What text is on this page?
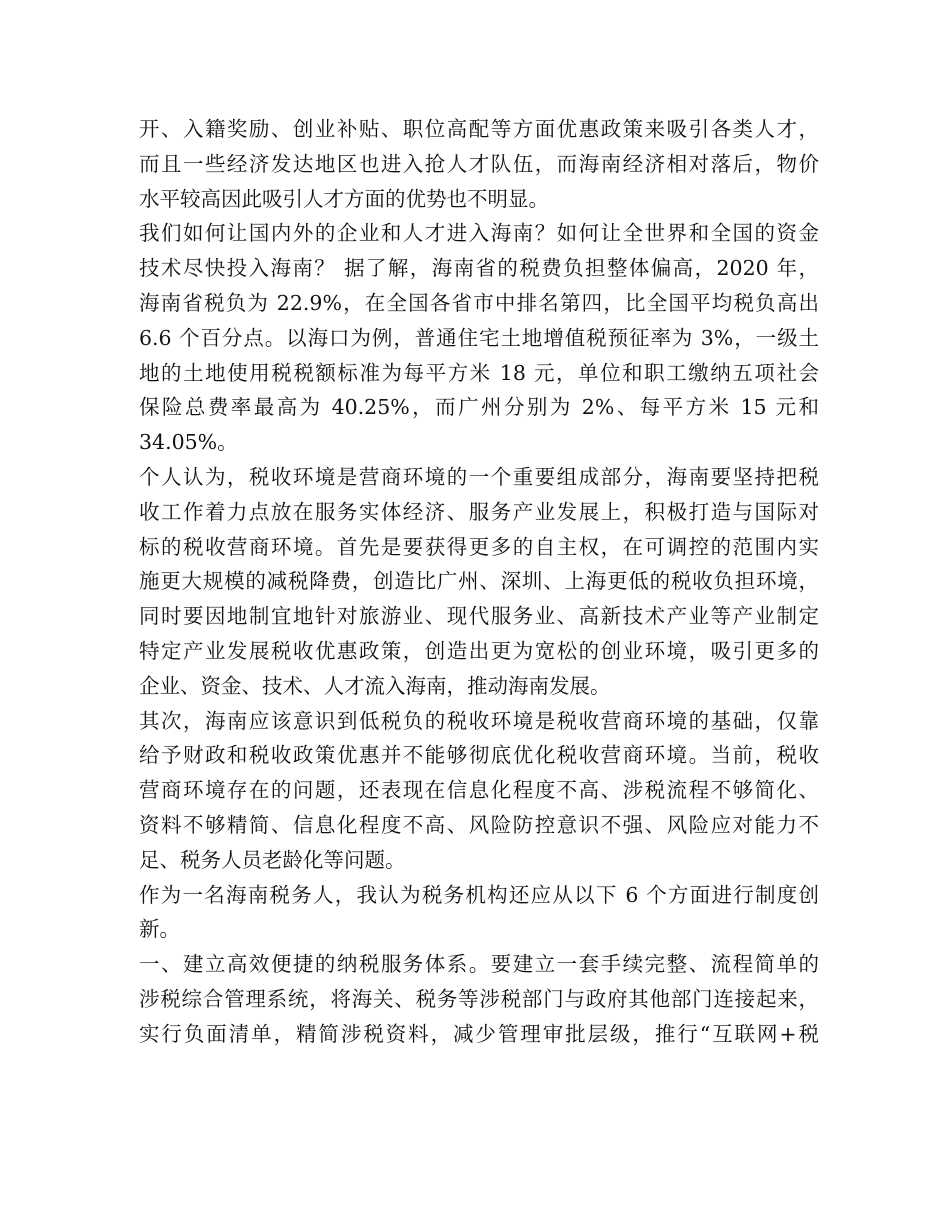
开、入籍奖励、创业补贴、职位高配等方面优惠政策来吸引各类人才，
而且一些经济发达地区也进入抢人才队伍，而海南经济相对落后，物价
水平较高因此吸引人才方面的优势也不明显。
我们如何让国内外的企业和人才进入海南？如何让全世界和全国的资金
技术尽快投入海南？ 据了解，海南省的税费负担整体偏高，2020 年，
海南省税负为 22.9%，在全国各省市中排名第四，比全国平均税负高出
6.6 个百分点。以海口为例，普通住宅土地增值税预征率为 3%，一级土
地的土地使用税税额标准为每平方米 18 元，单位和职工缴纳五项社会
保险总费率最高为 40.25%，而广州分别为 2%、每平方米 15 元和
34.05%。
个人认为，税收环境是营商环境的一个重要组成部分，海南要坚持把税
收工作着力点放在服务实体经济、服务产业发展上，积极打造与国际对
标的税收营商环境。首先是要获得更多的自主权，在可调控的范围内实
施更大规模的减税降费，创造比广州、深圳、上海更低的税收负担环境，
同时要因地制宜地针对旅游业、现代服务业、高新技术产业等产业制定
特定产业发展税收优惠政策，创造出更为宽松的创业环境，吸引更多的
企业、资金、技术、人才流入海南，推动海南发展。
其次，海南应该意识到低税负的税收环境是税收营商环境的基础，仅靠
给予财政和税收政策优惠并不能够彻底优化税收营商环境。当前，税收
营商环境存在的问题，还表现在信息化程度不高、涉税流程不够简化、
资料不够精简、信息化程度不高、风险防控意识不强、风险应对能力不
足、税务人员老龄化等问题。
作为一名海南税务人，我认为税务机构还应从以下 6 个方面进行制度创
新。
一、建立高效便捷的纳税服务体系。要建立一套手续完整、流程简单的
涉税综合管理系统，将海关、税务等涉税部门与政府其他部门连接起来，
实行负面清单，精简涉税资料，减少管理审批层级，推行“互联网+税
